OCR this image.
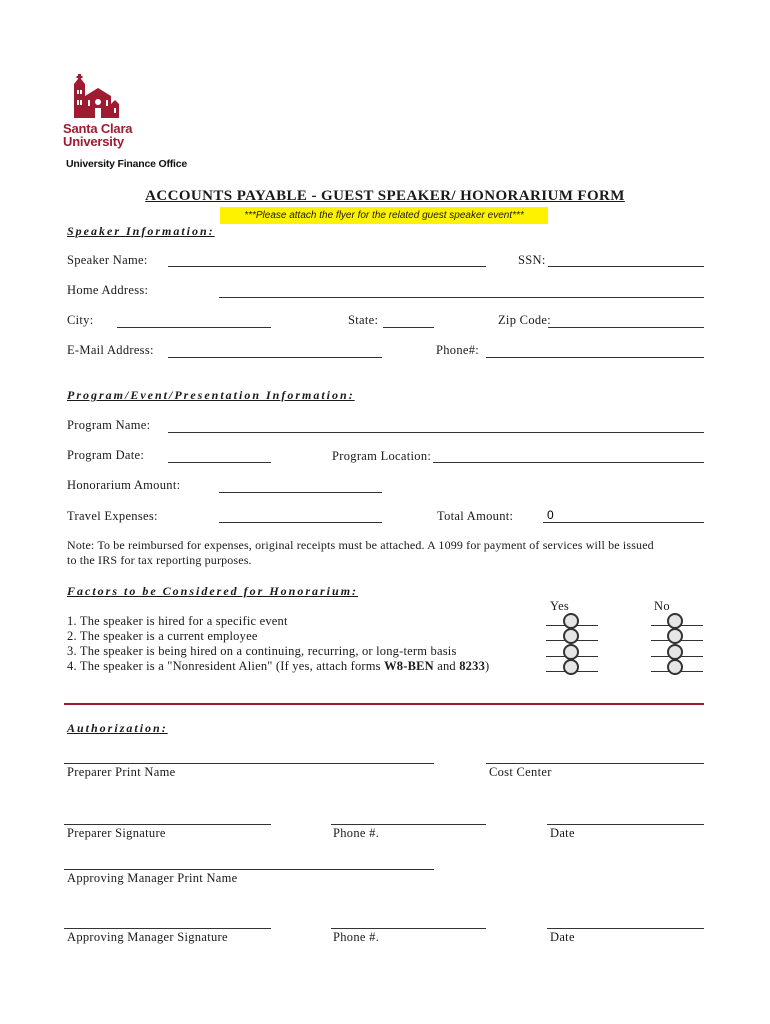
Santa Clara
University
University Finance Office
ACCOUNTS PAYABLE - GUEST SPEAKER/ HONORARIUM FORM
***Please attach the flyer for the related guest speaker event***
Speaker Information:
Speaker Name:	SSN:
Home Address:
City:	State:	Zip Code:
E-Mail Address:	Phone#:
Program/Event/Presentation Information:
Program Name:
Program Date:	Program Location:
Honorarium Amount:
Travel Expenses:	Total Amount:
0
Note: To be reimbursed for expenses, original receipts must be attached. A 1099 for payment of services will be issued
to the IRS for tax reporting purposes.
Factors to be Considered for Honorarium:
Yes	No
1. The speaker is hired for a specific event
2. The speaker is a current employee
3. The speaker is being hired on a continuing, recurring, or long-term basis
4. The speaker is a "Nonresident Alien" (If yes, attach forms W8-BEN and 8233)
Authorization:
Preparer Print Name	Cost Center
Preparer Signature	Phone #.	Date
Approving Manager Print Name
Approving Manager Signature	Phone #.	Date
